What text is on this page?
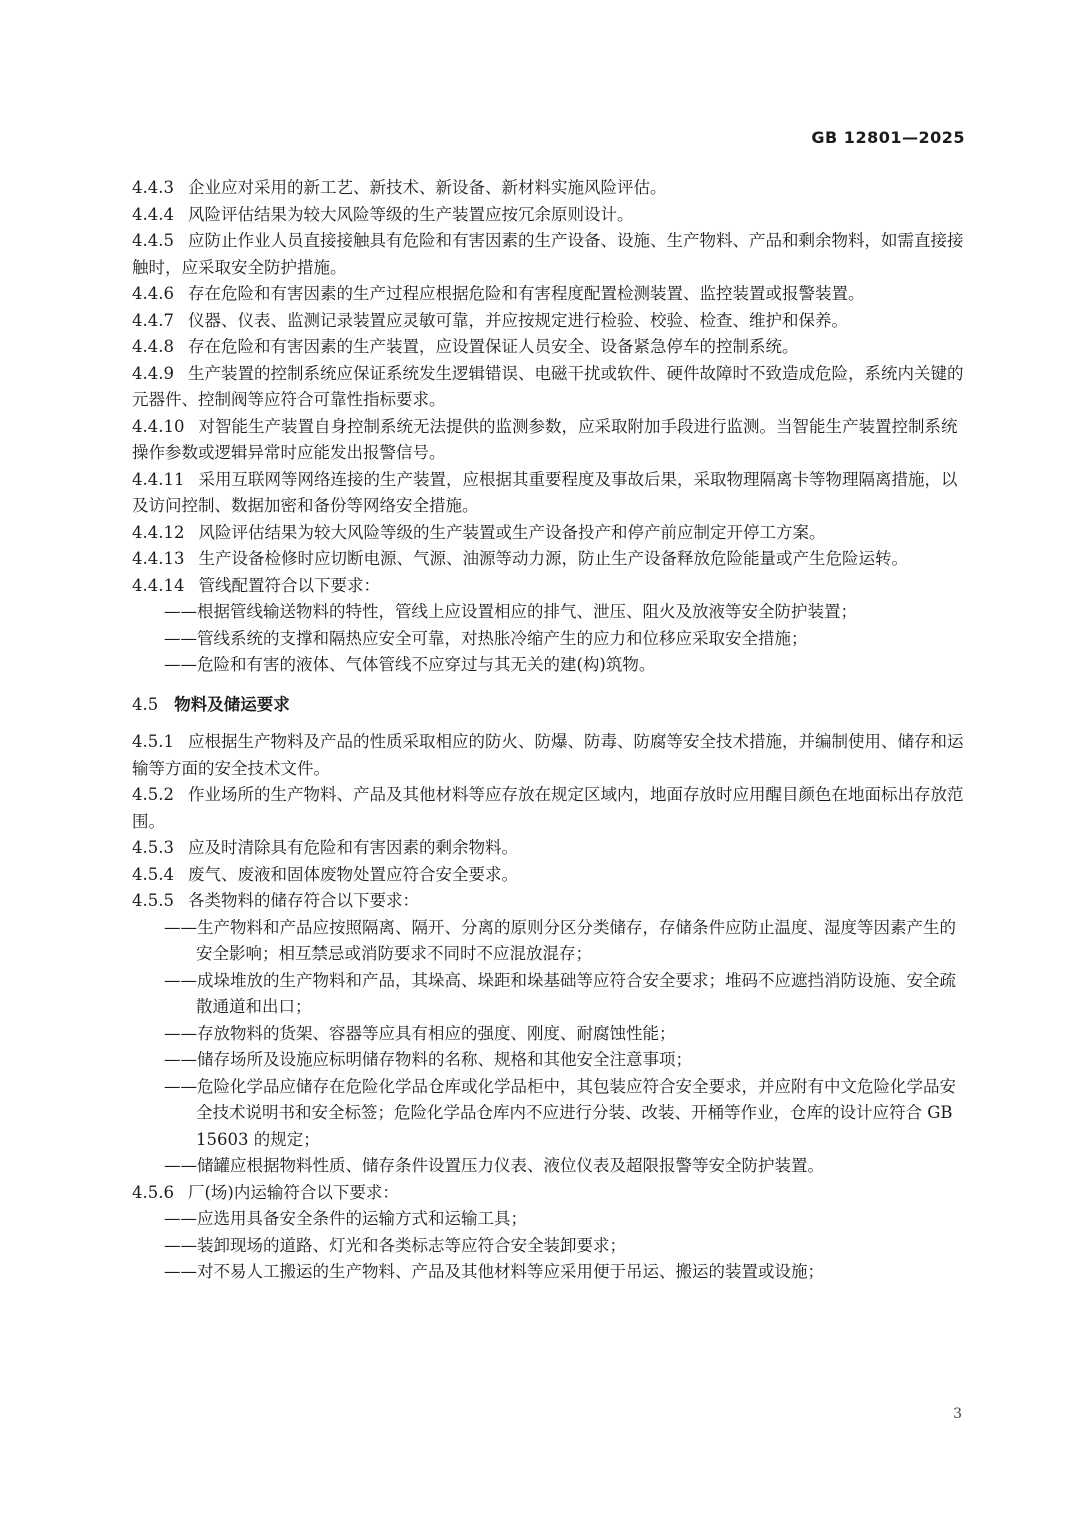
GB 12801—2025

4.4.3 企业应对采用的新工艺、新技术、新设备、新材料实施风险评估。

4.4.4 风险评估结果为较大风险等级的生产装置应按冗余原则设计。

4.4.5 应防止作业人员直接接触具有危险和有害因素的生产设备、设施、生产物料、产品和剩余物料，如需直接接触时，应采取安全防护措施。

4.4.6 存在危险和有害因素的生产过程应根据危险和有害程度配置检测装置、监控装置或报警装置。

4.4.7 仪器、仪表、监测记录装置应灵敏可靠，并应按规定进行检验、校验、检查、维护和保养。

4.4.8 存在危险和有害因素的生产装置，应设置保证人员安全、设备紧急停车的控制系统。

4.4.9 生产装置的控制系统应保证系统发生逻辑错误、电磁干扰或软件、硬件故障时不致造成危险，系统内关键的元器件、控制阀等应符合可靠性指标要求。

4.4.10 对智能生产装置自身控制系统无法提供的监测参数，应采取附加手段进行监测。当智能生产装置控制系统操作参数或逻辑异常时应能发出报警信号。

4.4.11 采用互联网等网络连接的生产装置，应根据其重要程度及事故后果，采取物理隔离卡等物理隔离措施，以及访问控制、数据加密和备份等网络安全措施。

4.4.12 风险评估结果为较大风险等级的生产装置或生产设备投产和停产前应制定开停工方案。

4.4.13 生产设备检修时应切断电源、气源、油源等动力源，防止生产设备释放危险能量或产生危险运转。

4.4.14 管线配置符合以下要求：

——根据管线输送物料的特性，管线上应设置相应的排气、泄压、阻火及放液等安全防护装置；

——管线系统的支撑和隔热应安全可靠，对热胀冷缩产生的应力和位移应采取安全措施；

——危险和有害的液体、气体管线不应穿过与其无关的建(构)筑物。

4.5 物料及储运要求

4.5.1 应根据生产物料及产品的性质采取相应的防火、防爆、防毒、防腐等安全技术措施，并编制使用、储存和运输等方面的安全技术文件。

4.5.2 作业场所的生产物料、产品及其他材料等应存放在规定区域内，地面存放时应用醒目颜色在地面标出存放范围。

4.5.3 应及时清除具有危险和有害因素的剩余物料。

4.5.4 废气、废液和固体废物处置应符合安全要求。

4.5.5 各类物料的储存符合以下要求：

——生产物料和产品应按照隔离、隔开、分离的原则分区分类储存，存储条件应防止温度、湿度等因素产生的安全影响；相互禁忌或消防要求不同时不应混放混存；

——成垛堆放的生产物料和产品，其垛高、垛距和垛基础等应符合安全要求；堆码不应遮挡消防设施、安全疏散通道和出口；

——存放物料的货架、容器等应具有相应的强度、刚度、耐腐蚀性能；

——储存场所及设施应标明储存物料的名称、规格和其他安全注意事项；

——危险化学品应储存在危险化学品仓库或化学品柜中，其包装应符合安全要求，并应附有中文危险化学品安全技术说明书和安全标签；危险化学品仓库内不应进行分装、改装、开桶等作业，仓库的设计应符合 GB 15603 的规定；

——储罐应根据物料性质、储存条件设置压力仪表、液位仪表及超限报警等安全防护装置。

4.5.6 厂(场)内运输符合以下要求：

——应选用具备安全条件的运输方式和运输工具；

——装卸现场的道路、灯光和各类标志等应符合安全装卸要求；

——对不易人工搬运的生产物料、产品及其他材料等应采用便于吊运、搬运的装置或设施；

3
